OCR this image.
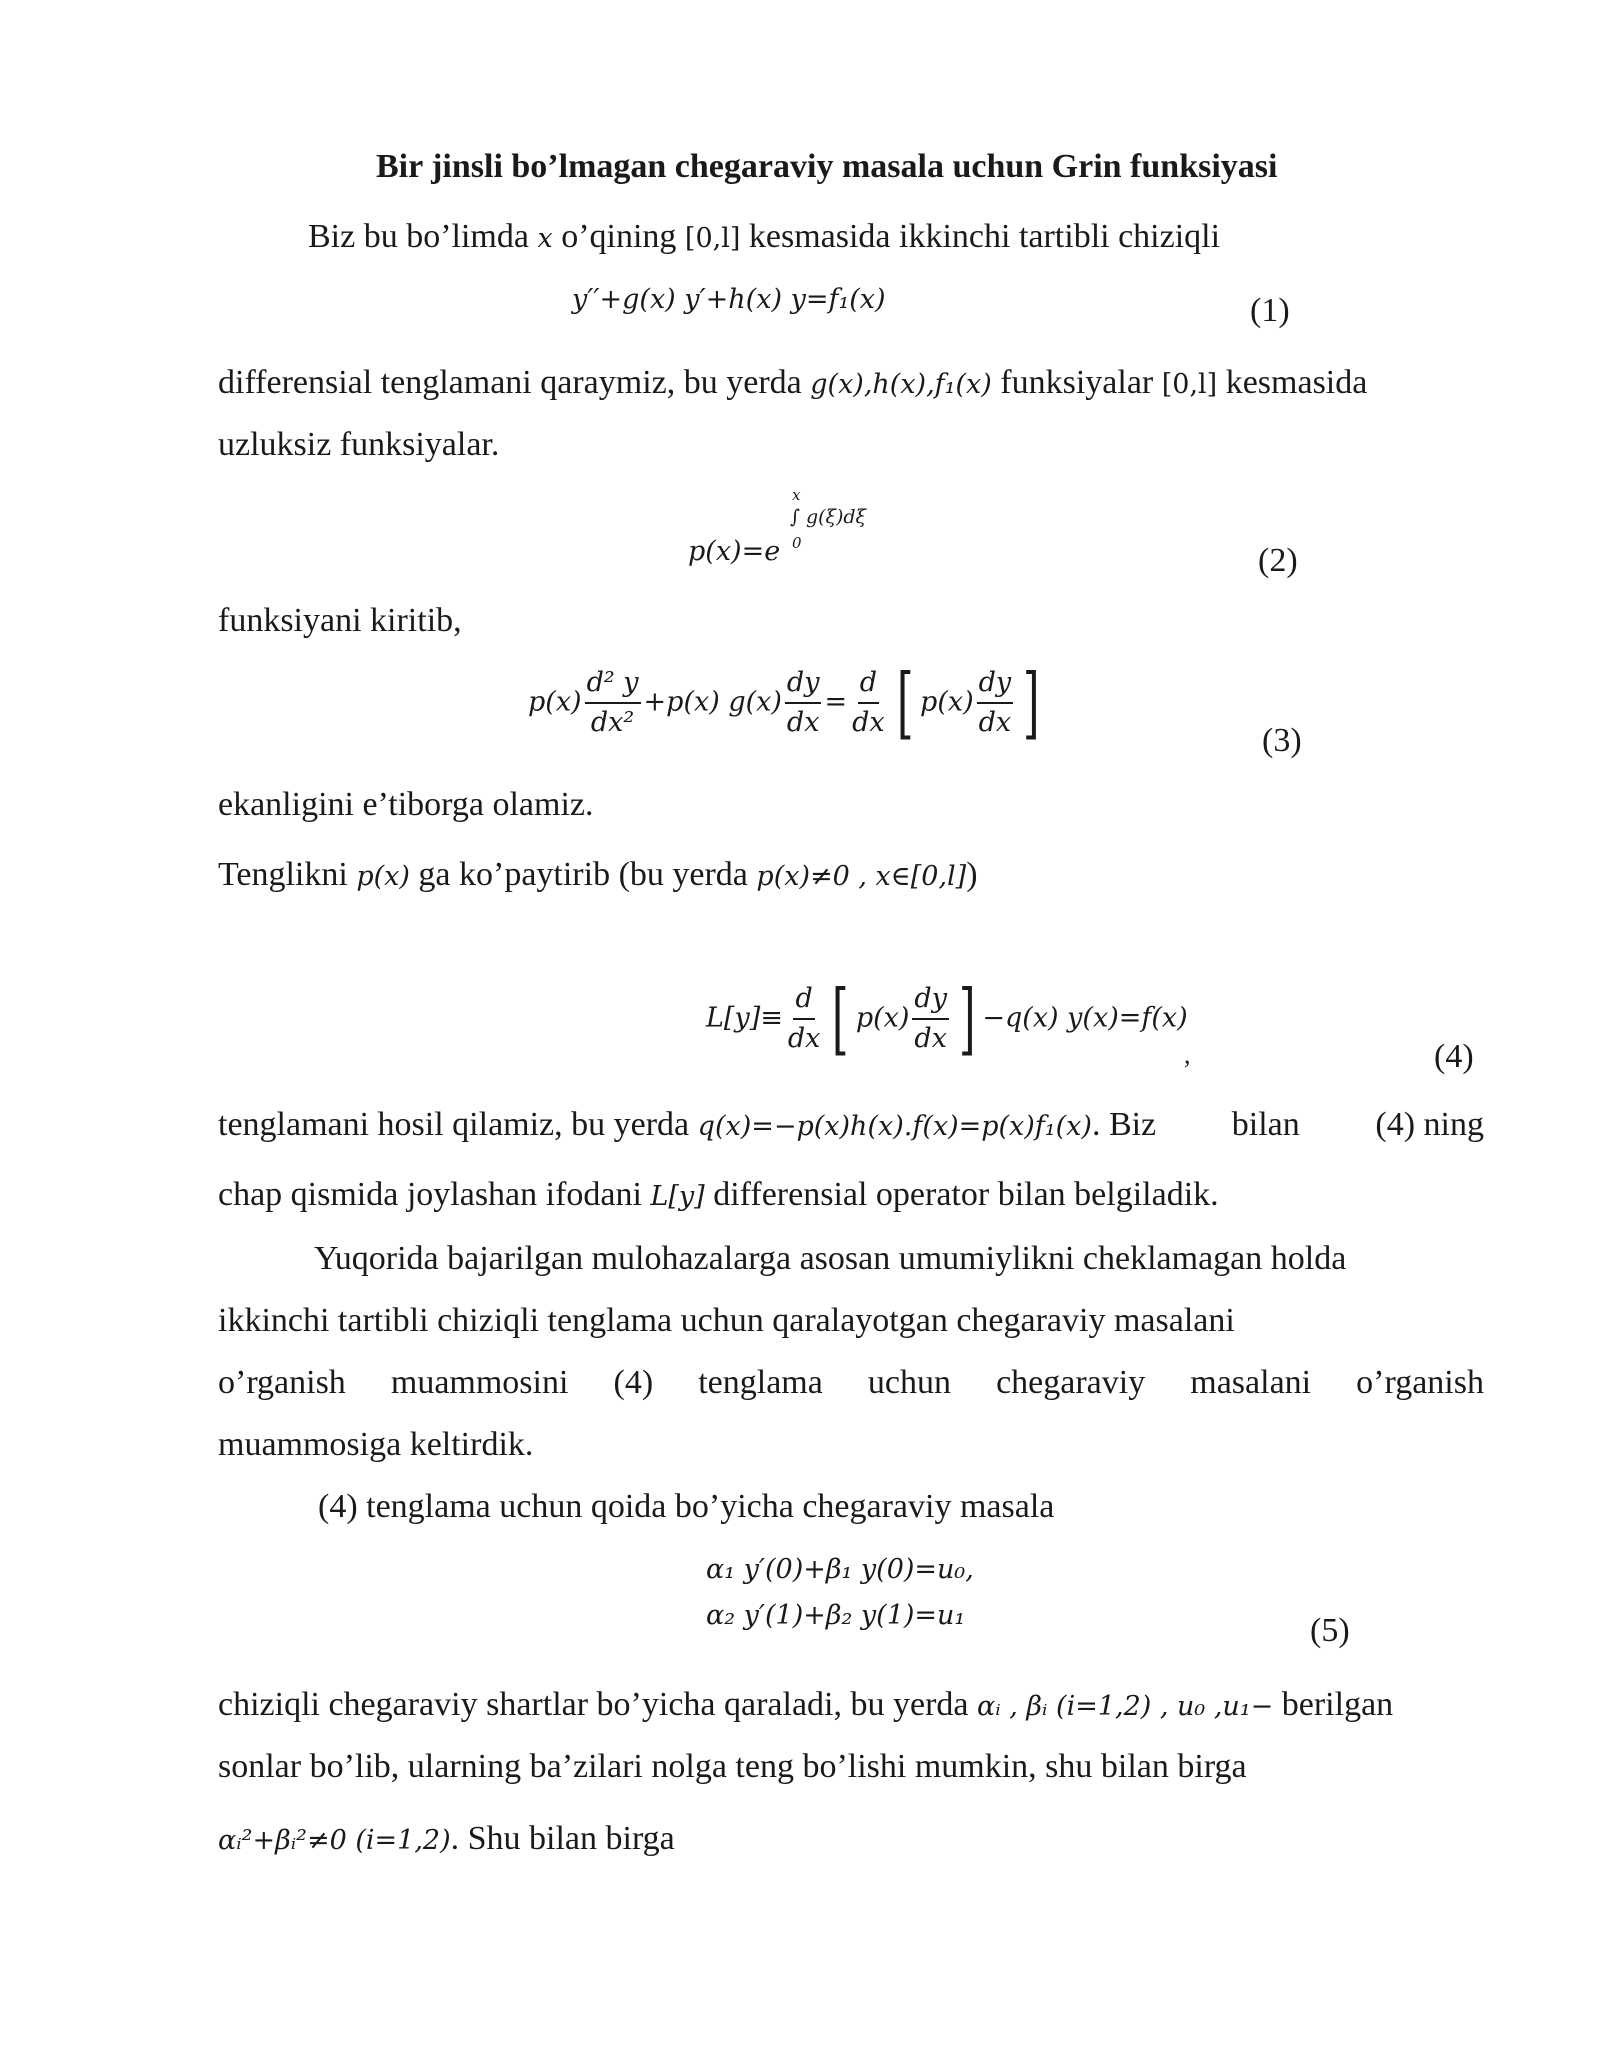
Bir jinsli bo’lmagan chegaraviy masala uchun Grin funksiyasi
Biz bu bo’limda x o’qining [0,l] kesmasida ikkinchi tartibli chiziqli
y′′+g(x) y′+h(x) y=f₁(x)	(1)
differensial tenglamani qaraymiz, bu yerda g(x),h(x),f₁(x) funksiyalar [0,l] kesmasida
uzluksiz funksiyalar.
p(x)=e
x
∫ g(ξ)dξ
0	(2)
funksiyani kiritib,
$p(x) \frac{\text{d² y}}{\text{dx²}} +p(x)$ $g(x) \frac{dy}{dx} = \frac{d}{dx}$ [ $p(x) \frac{dy}{dx}$ ]	(3)
ekanligini e’tiborga olamiz.
Tenglikni p(x) ga ko’paytirib (bu yerda p(x)≠0 , x∈[0,l])
$L[y]\equiv \frac{d}{dx}$ [ $p(x) \frac{dy}{dx}$ ] −q(x) y(x)=f(x)
,	(4)
tenglamani hosil qilamiz, bu yerda q(x)=−p(x)h(x).f(x)=p(x)f₁(x). Biz bilan (4) ning
chap qismida joylashan ifodani L[y] differensial operator bilan belgiladik.
Yuqorida bajarilgan mulohazalarga asosan umumiylikni cheklamagan holda
ikkinchi tartibli chiziqli tenglama uchun qaralayotgan chegaraviy masalani
o’rganish muammosini (4) tenglama uchun chegaraviy masalani o’rganish
muammosiga keltirdik.
(4) tenglama uchun qoida bo’yicha chegaraviy masala
α₁ y′(0)+β₁ y(0)=u₀,
α₂ y′(1)+β₂ y(1)=u₁	(5)
chiziqli chegaraviy shartlar bo’yicha qaraladi, bu yerda αᵢ , βᵢ (i=1,2) , u₀ ,u₁− berilgan
sonlar bo’lib, ularning ba’zilari nolga teng bo’lishi mumkin, shu bilan birga
αᵢ²+βᵢ²≠0 (i=1,2). Shu bilan birga
